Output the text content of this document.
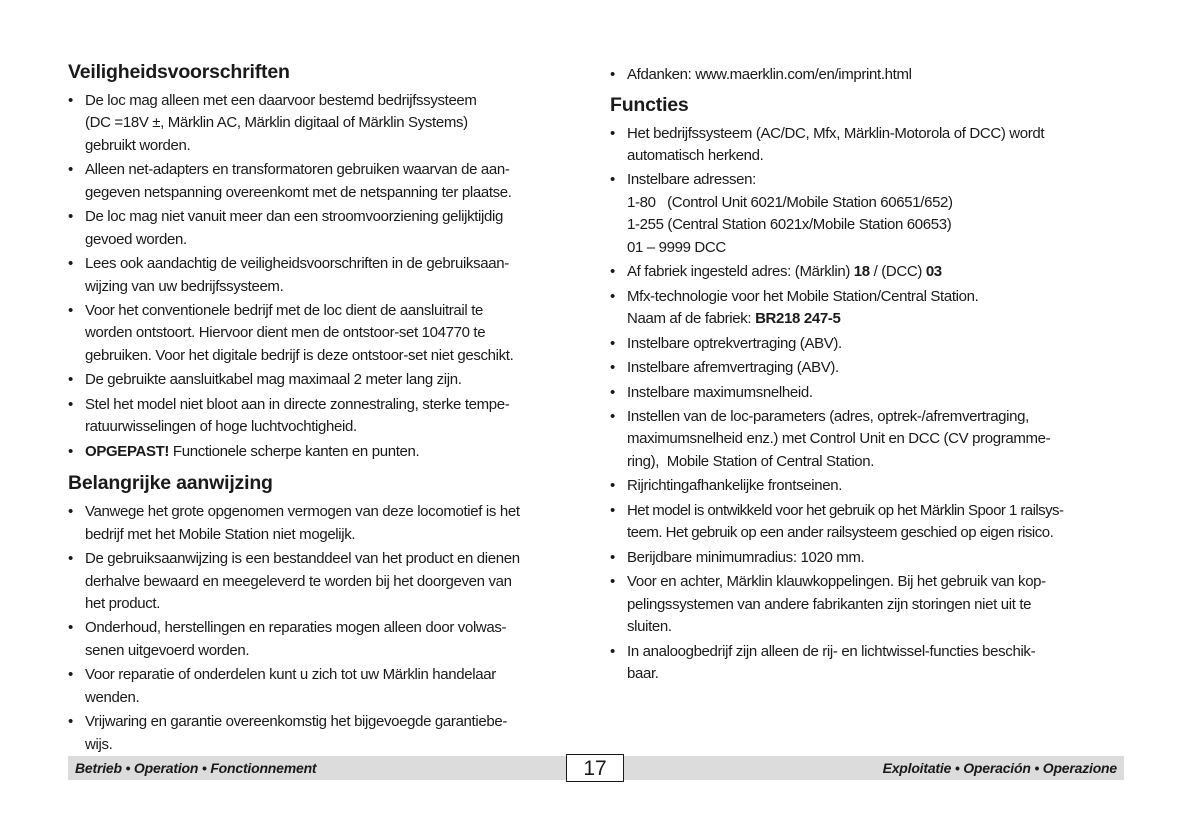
Veiligheidsvoorschriften
• De loc mag alleen met een daarvoor bestemd bedrijfssysteem
(DC =18V ±, Märklin AC, Märklin digitaal of Märklin Systems)
gebruikt worden.
• Alleen net-adapters en transformatoren gebruiken waarvan de aan-
gegeven netspanning overeenkomt met de netspanning ter plaatse.
• De loc mag niet vanuit meer dan een stroomvoorziening gelijktijdig
gevoed worden.
• Lees ook aandachtig de veiligheidsvoorschriften in de gebruiksaan-
wijzing van uw bedrijfssysteem.
• Voor het conventionele bedrijf met de loc dient de aansluitrail te
worden ontstoort. Hiervoor dient men de ontstoor-set 104770 te
gebruiken. Voor het digitale bedrijf is deze ontstoor-set niet geschikt.
• De gebruikte aansluitkabel mag maximaal 2 meter lang zijn.
• Stel het model niet bloot aan in directe zonnestraling, sterke tempe-
ratuurwisselingen of hoge luchtvochtigheid.
• OPGEPAST! Functionele scherpe kanten en punten.
Belangrijke aanwijzing
• Vanwege het grote opgenomen vermogen van deze locomotief is het
bedrijf met het Mobile Station niet mogelijk.
• De gebruiksaanwijzing is een bestanddeel van het product en dienen
derhalve bewaard en meegeleverd te worden bij het doorgeven van
het product.
• Onderhoud, herstellingen en reparaties mogen alleen door volwas-
senen uitgevoerd worden.
• Voor reparatie of onderdelen kunt u zich tot uw Märklin handelaar
wenden.
• Vrijwaring en garantie overeenkomstig het bijgevoegde garantiebe-
wijs.
• Afdanken: www.maerklin.com/en/imprint.html
Functies
• Het bedrijfssysteem (AC/DC, Mfx, Märklin-Motorola of DCC) wordt
automatisch herkend.
• Instelbare adressen:
1-80   (Control Unit 6021/Mobile Station 60651/652)
1-255 (Central Station 6021x/Mobile Station 60653)
01 – 9999 DCC
• Af fabriek ingesteld adres: (Märklin) 18 / (DCC) 03
• Mfx-technologie voor het Mobile Station/Central Station.
Naam af de fabriek: BR218 247-5
• Instelbare optrekvertraging (ABV).
• Instelbare afremvertraging (ABV).
• Instelbare maximumsnelheid.
• Instellen van de loc-parameters (adres, optrek-/afremvertraging,
maximumsnelheid enz.) met Control Unit en DCC (CV programme-
ring),  Mobile Station of Central Station.
• Rijrichtingafhankelijke frontseinen.
• Het model is ontwikkeld voor het gebruik op het Märklin Spoor 1 railsys-
teem. Het gebruik op een ander railsysteem geschied op eigen risico.
• Berijdbare minimumradius: 1020 mm.
• Voor en achter, Märklin klauwkoppelingen. Bij het gebruik van kop-
pelingssystemen van andere fabrikanten zijn storingen niet uit te
sluiten.
• In analoogbedrijf zijn alleen de rij- en lichtwissel-functies beschik-
baar.
Betrieb • Operation • Fonctionnement	17	Exploitatie • Operación • Operazione
